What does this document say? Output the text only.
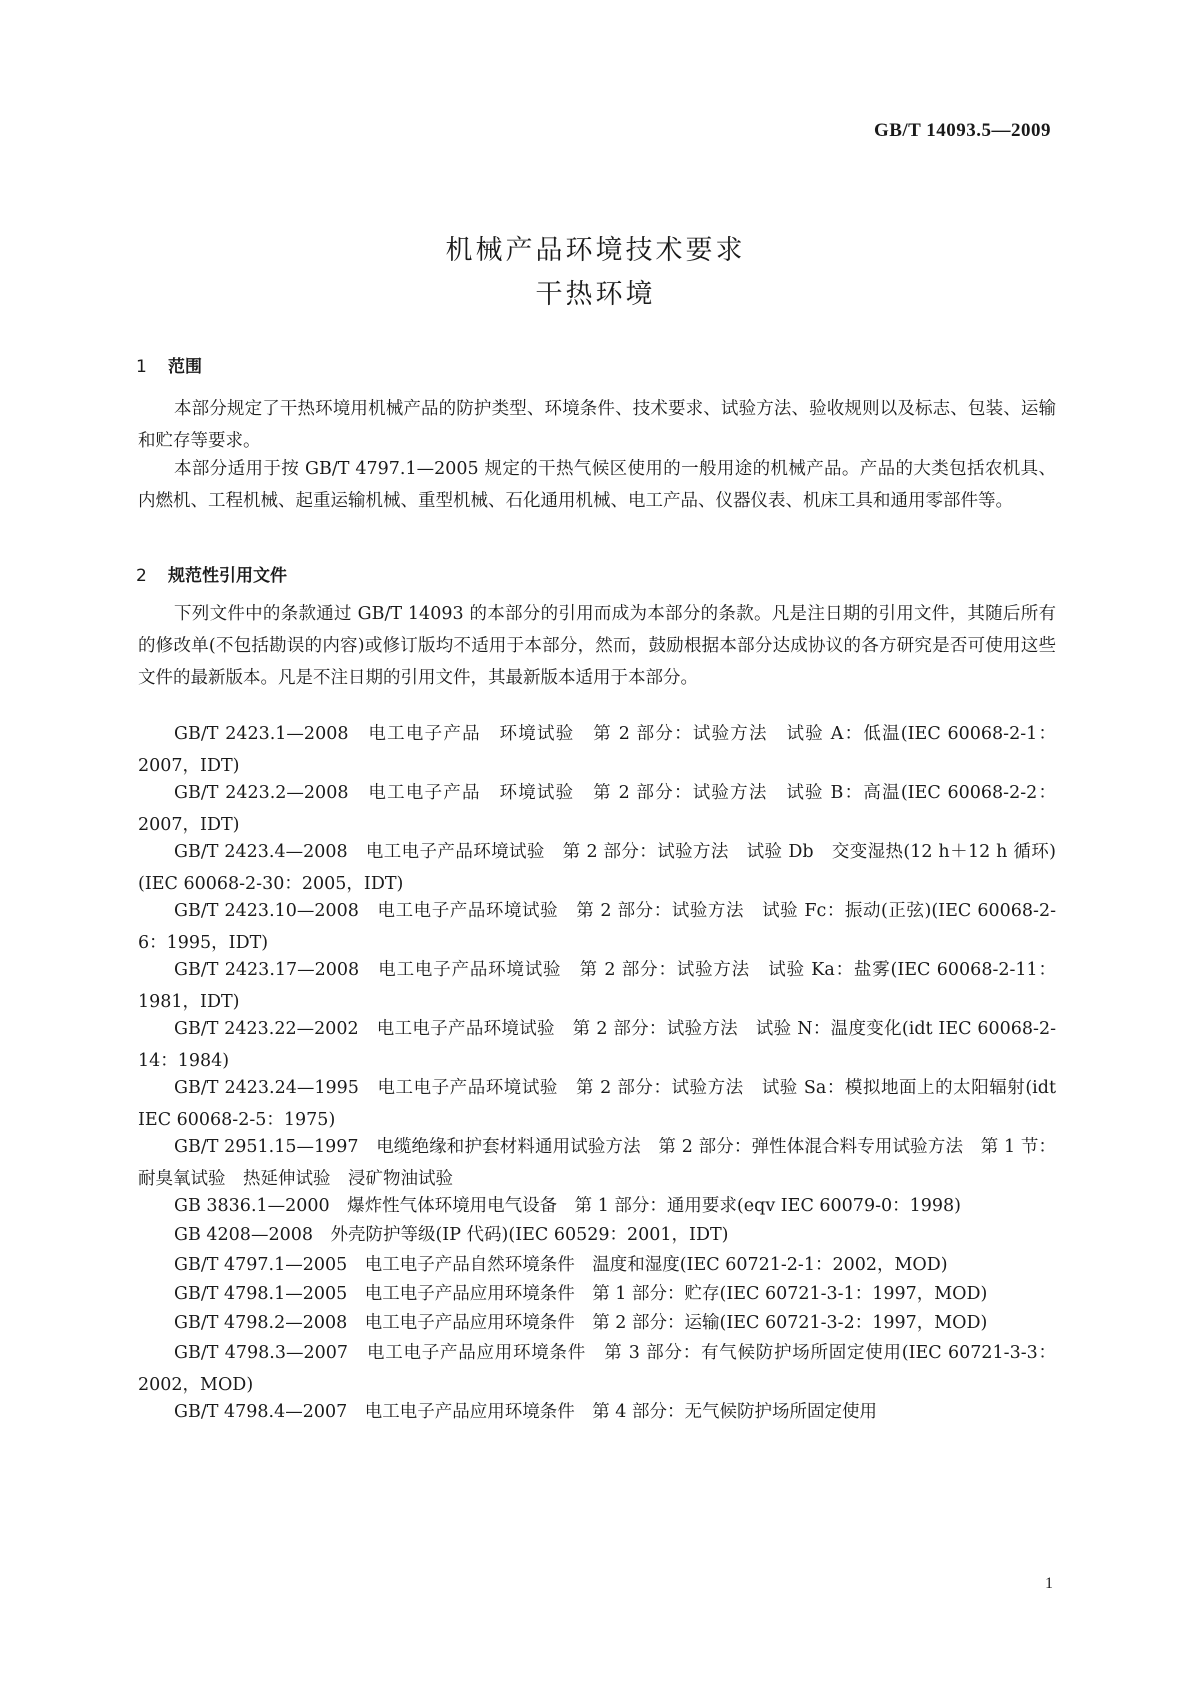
GB/T 14093.5—2009
机械产品环境技术要求
干热环境
1 范围

本部分规定了干热环境用机械产品的防护类型、环境条件、技术要求、试验方法、验收规则以及标志、包装、运输和贮存等要求。

本部分适用于按 GB/T 4797.1—2005 规定的干热气候区使用的一般用途的机械产品。产品的大类包括农机具、内燃机、工程机械、起重运输机械、重型机械、石化通用机械、电工产品、仪器仪表、机床工具和通用零部件等。

2 规范性引用文件

下列文件中的条款通过 GB/T 14093 的本部分的引用而成为本部分的条款。凡是注日期的引用文件，其随后所有的修改单(不包括勘误的内容)或修订版均不适用于本部分，然而，鼓励根据本部分达成协议的各方研究是否可使用这些文件的最新版本。凡是不注日期的引用文件，其最新版本适用于本部分。

GB/T 2423.1—2008　电工电子产品　环境试验　第 2 部分：试验方法　试验 A：低温(IEC 60068-2-1：2007，IDT)

GB/T 2423.2—2008　电工电子产品　环境试验　第 2 部分：试验方法　试验 B：高温(IEC 60068-2-2：2007，IDT)

GB/T 2423.4—2008　电工电子产品环境试验　第 2 部分：试验方法　试验 Db　交变湿热(12 h＋12 h 循环)(IEC 60068-2-30：2005，IDT)

GB/T 2423.10—2008　电工电子产品环境试验　第 2 部分：试验方法　试验 Fc：振动(正弦)(IEC 60068-2-6：1995，IDT)

GB/T 2423.17—2008　电工电子产品环境试验　第 2 部分：试验方法　试验 Ka：盐雾(IEC 60068-2-11：1981，IDT)

GB/T 2423.22—2002　电工电子产品环境试验　第 2 部分：试验方法　试验 N：温度变化(idt IEC 60068-2-14：1984)

GB/T 2423.24—1995　电工电子产品环境试验　第 2 部分：试验方法　试验 Sa：模拟地面上的太阳辐射(idt IEC 60068-2-5：1975)

GB/T 2951.15—1997　电缆绝缘和护套材料通用试验方法　第 2 部分：弹性体混合料专用试验方法　第 1 节：耐臭氧试验　热延伸试验　浸矿物油试验

GB 3836.1—2000　爆炸性气体环境用电气设备　第 1 部分：通用要求(eqv IEC 60079-0：1998)

GB 4208—2008　外壳防护等级(IP 代码)(IEC 60529：2001，IDT)

GB/T 4797.1—2005　电工电子产品自然环境条件　温度和湿度(IEC 60721-2-1：2002，MOD)

GB/T 4798.1—2005　电工电子产品应用环境条件　第 1 部分：贮存(IEC 60721-3-1：1997，MOD)

GB/T 4798.2—2008　电工电子产品应用环境条件　第 2 部分：运输(IEC 60721-3-2：1997，MOD)

GB/T 4798.3—2007　电工电子产品应用环境条件　第 3 部分：有气候防护场所固定使用(IEC 60721-3-3：2002，MOD)

GB/T 4798.4—2007　电工电子产品应用环境条件　第 4 部分：无气候防护场所固定使用

1
